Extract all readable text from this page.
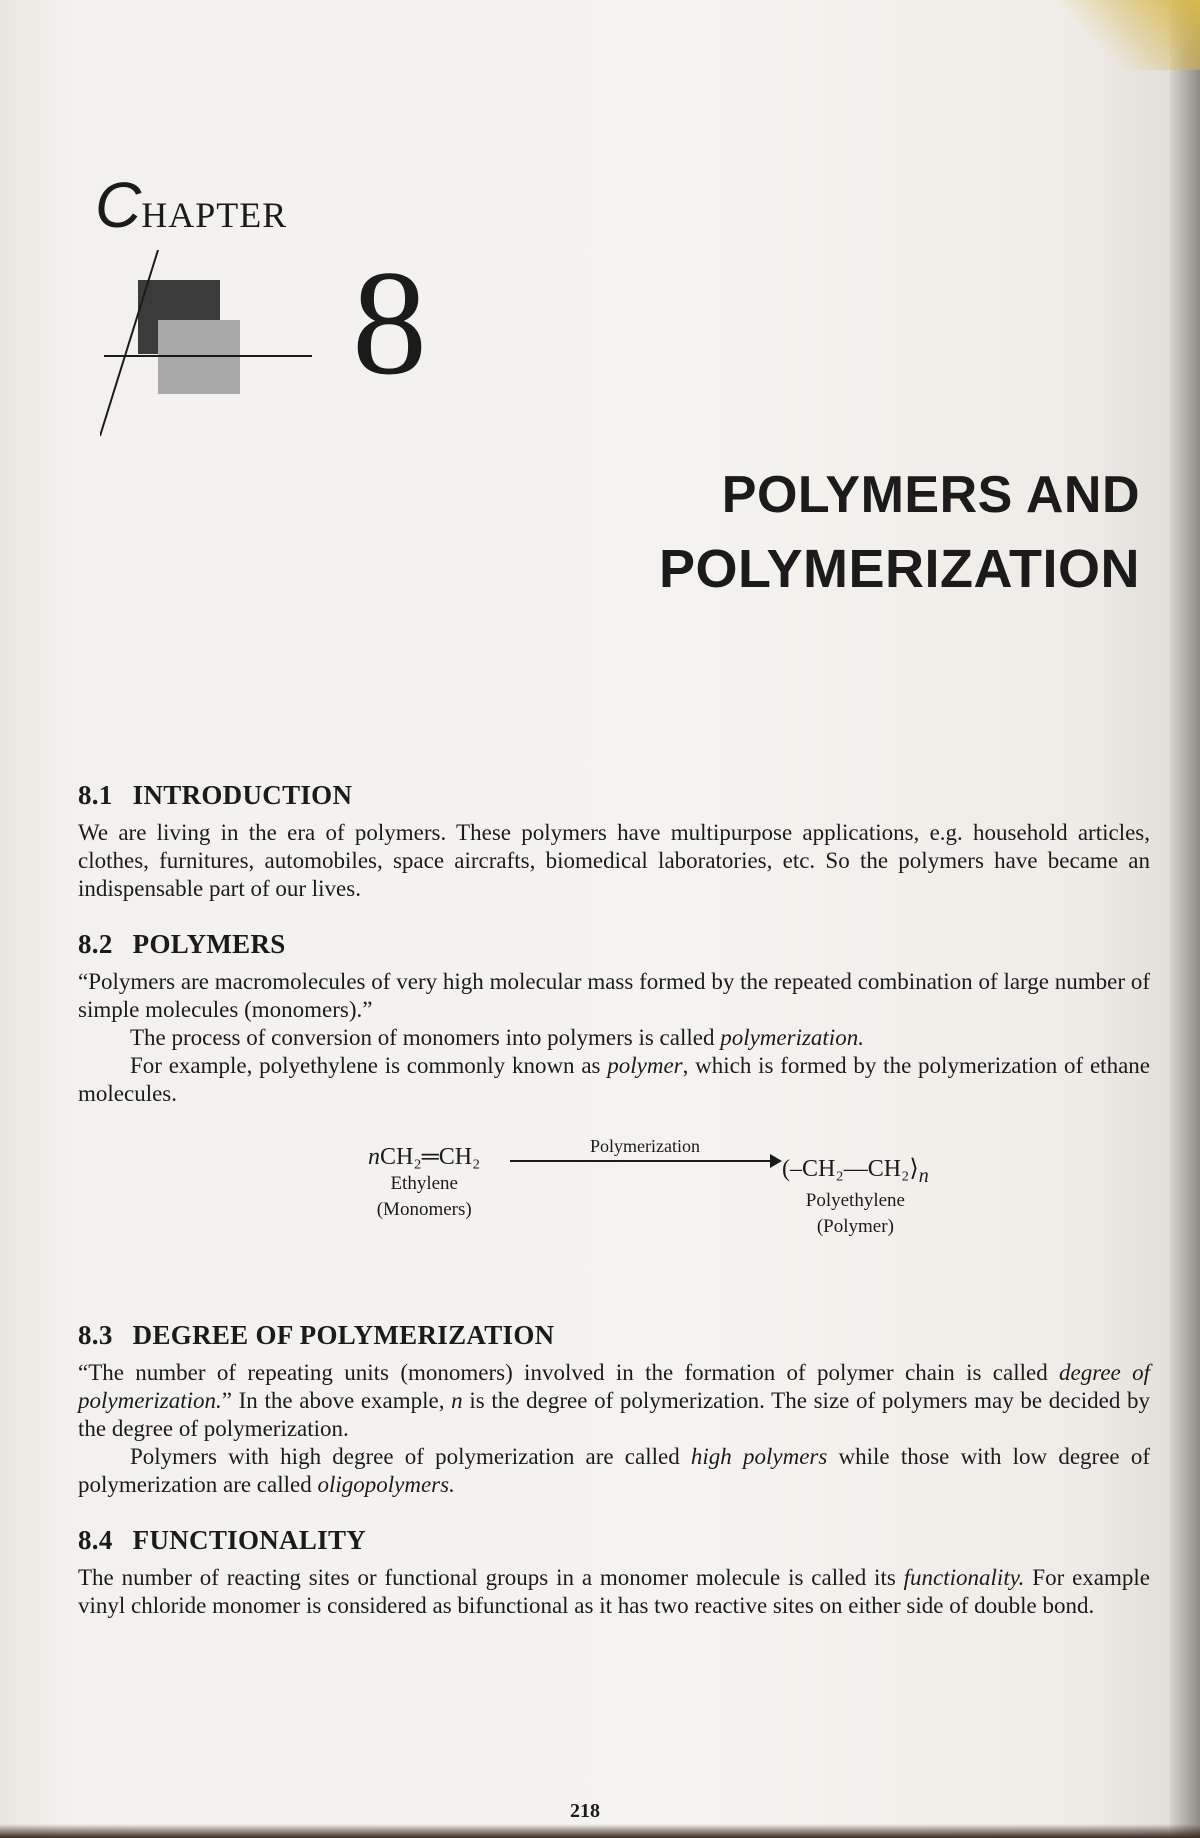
CHAPTER
8
POLYMERS AND
POLYMERIZATION
8.1 INTRODUCTION

We are living in the era of polymers. These polymers have multipurpose applications, e.g. household articles, clothes, furnitures, automobiles, space aircrafts, biomedical laboratories, etc. So the polymers have became an indispensable part of our lives.

8.2 POLYMERS

“Polymers are macromolecules of very high molecular mass formed by the repeated combination of large number of simple molecules (monomers).”

The process of conversion of monomers into polymers is called polymerization.

For example, polyethylene is commonly known as polymer, which is formed by the polymerization of ethane molecules.

nCH₂═CH₂
Ethylene
(Monomers)
Polymerization
($-CH_2—CH_2⟩_n$
Polyethylene
(Polymer)
8.3 DEGREE OF POLYMERIZATION

“The number of repeating units (monomers) involved in the formation of polymer chain is called degree of polymerization.” In the above example, n is the degree of polymerization. The size of polymers may be decided by the degree of polymerization.

Polymers with high degree of polymerization are called high polymers while those with low degree of polymerization are called oligopolymers.

8.4 FUNCTIONALITY

The number of reacting sites or functional groups in a monomer molecule is called its functionality. For example vinyl chloride monomer is considered as bifunctional as it has two reactive sites on either side of double bond.

218
